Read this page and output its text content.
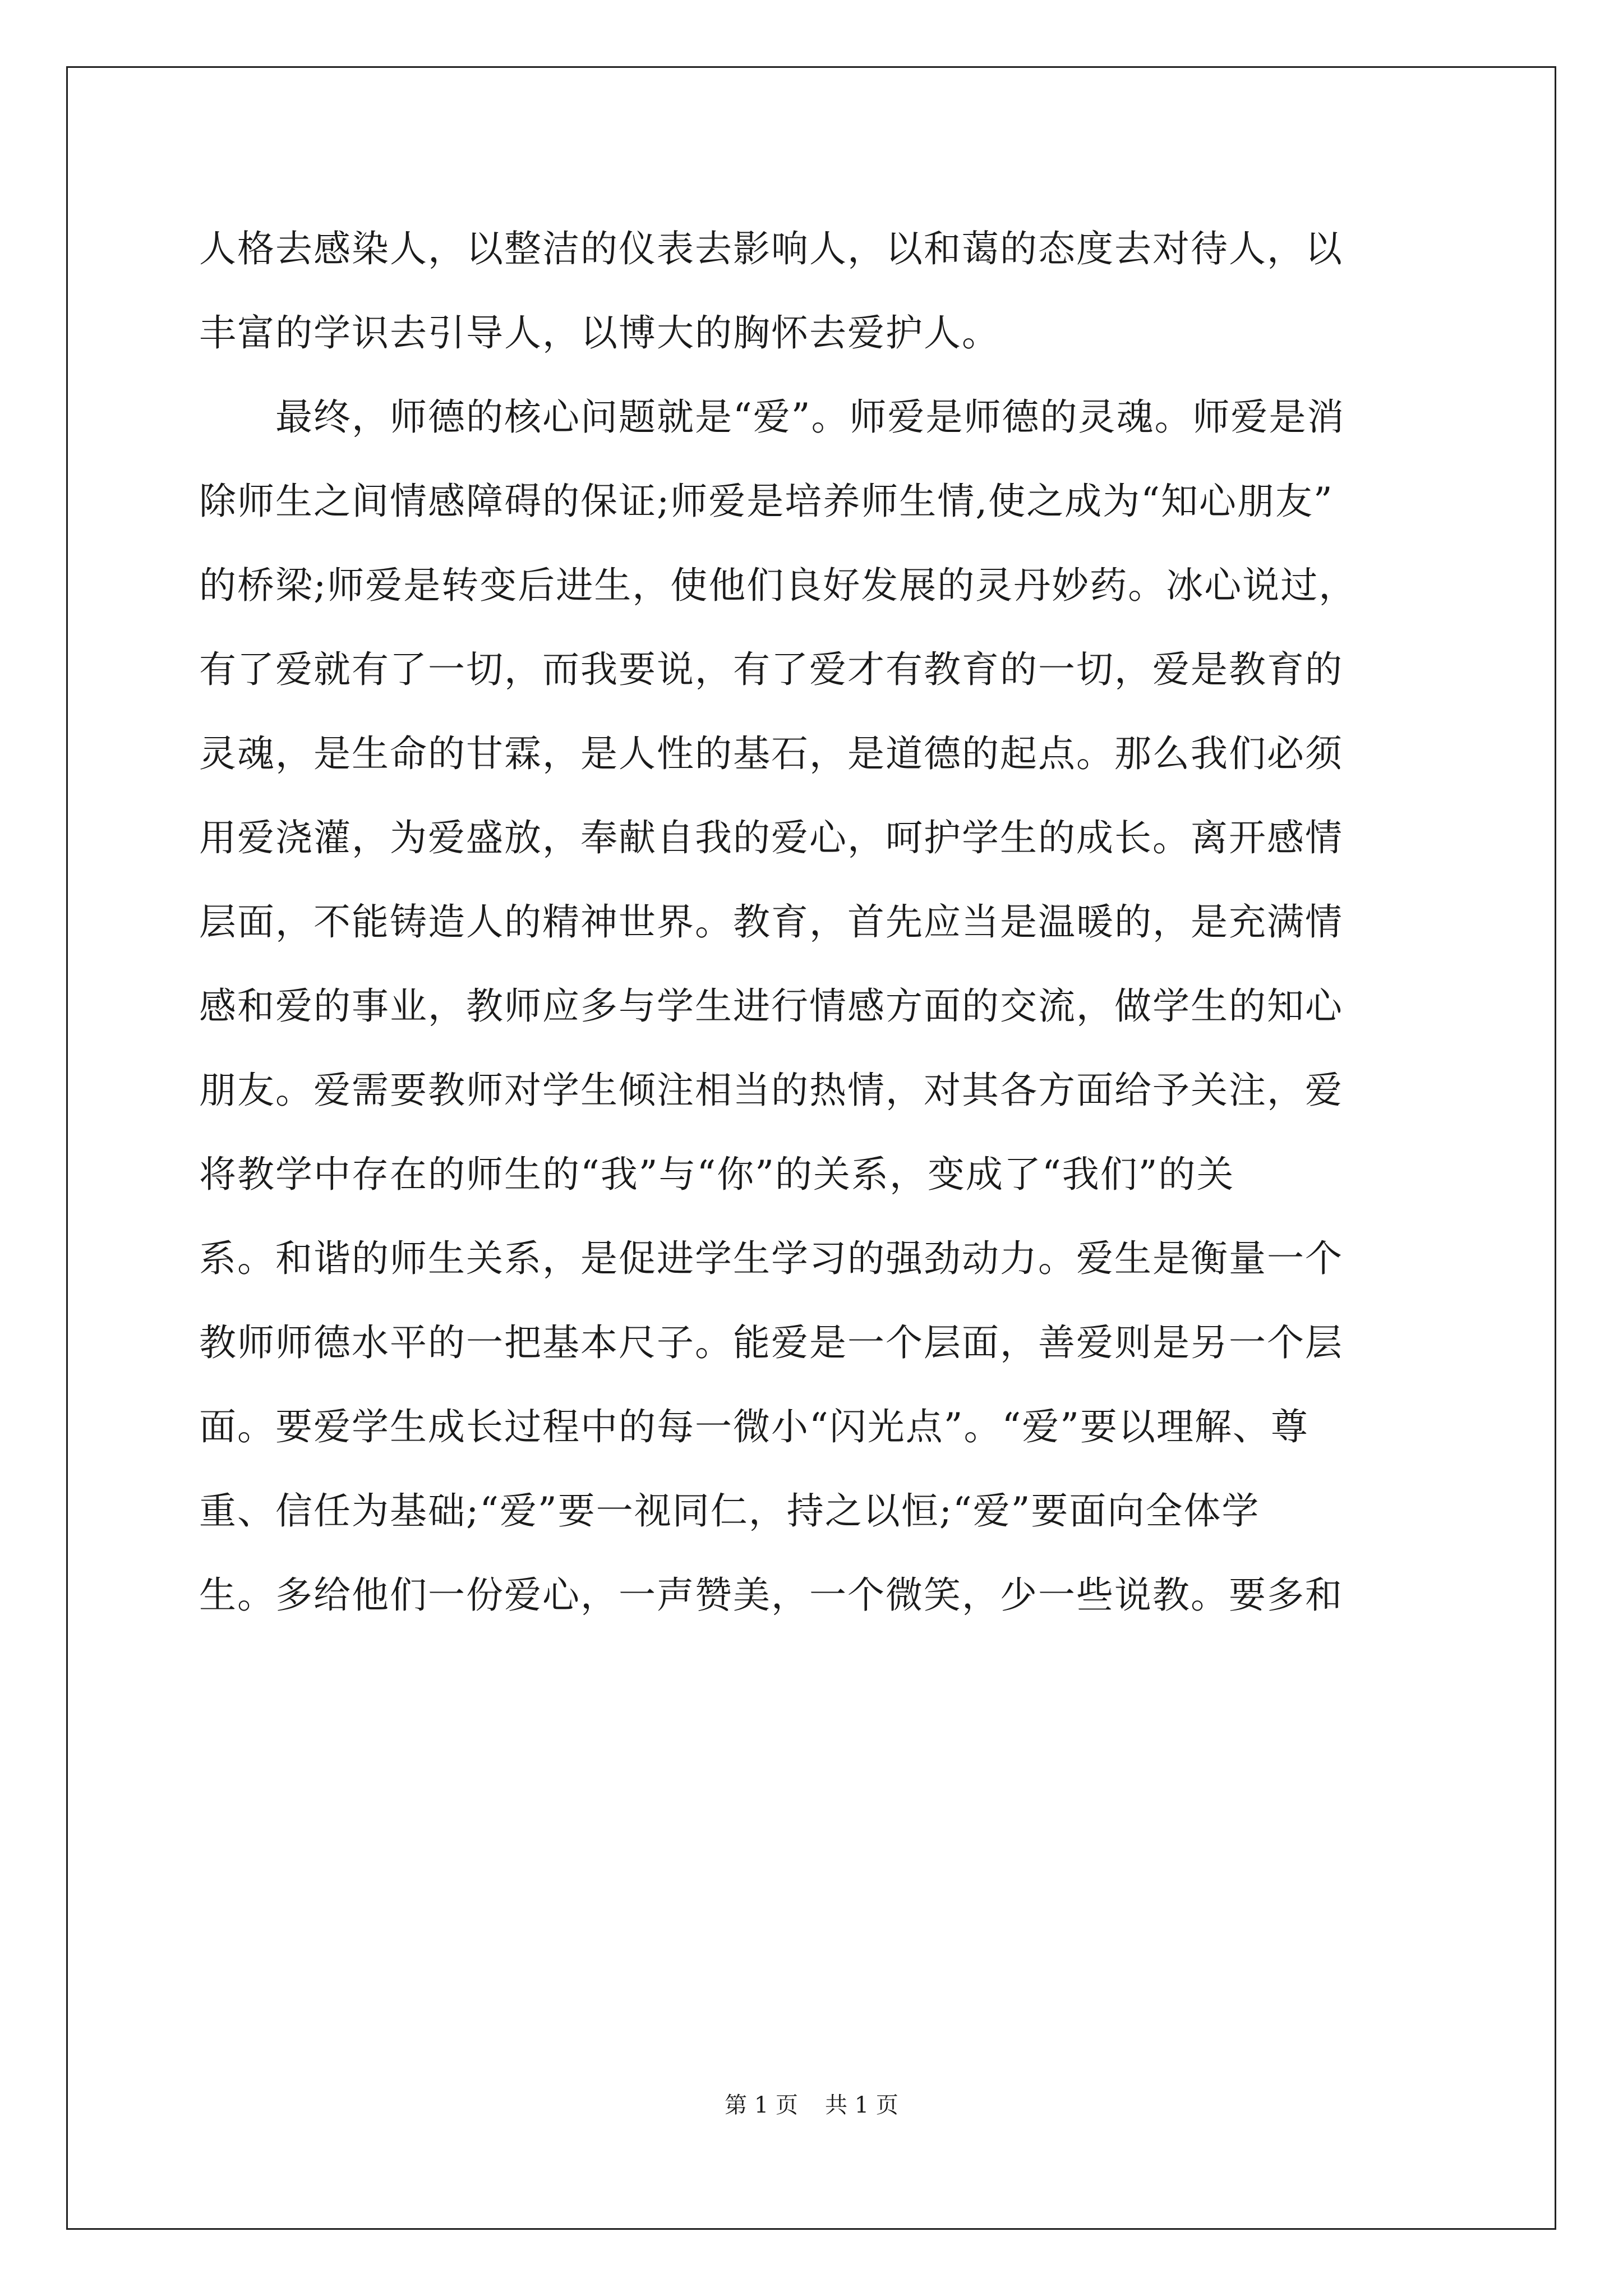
人格去感染人，以整洁的仪表去影响人，以和蔼的态度去对待人，以
丰富的学识去引导人，以博大的胸怀去爱护人。
　　最终，师德的核心问题就是“爱”。师爱是师德的灵魂。师爱是消
除师生之间情感障碍的保证;师爱是培养师生情,使之成为“知心朋友”
的桥梁;师爱是转变后进生，使他们良好发展的灵丹妙药。冰心说过，
有了爱就有了一切，而我要说，有了爱才有教育的一切，爱是教育的
灵魂，是生命的甘霖，是人性的基石，是道德的起点。那么我们必须
用爱浇灌，为爱盛放，奉献自我的爱心，呵护学生的成长。离开感情
层面，不能铸造人的精神世界。教育，首先应当是温暖的，是充满情
感和爱的事业，教师应多与学生进行情感方面的交流，做学生的知心
朋友。爱需要教师对学生倾注相当的热情，对其各方面给予关注，爱
将教学中存在的师生的“我”与“你”的关系，变成了“我们”的关
系。和谐的师生关系，是促进学生学习的强劲动力。爱生是衡量一个
教师师德水平的一把基本尺子。能爱是一个层面，善爱则是另一个层
面。要爱学生成长过程中的每一微小“闪光点”。“爱”要以理解、尊
重、信任为基础;“爱”要一视同仁，持之以恒;“爱”要面向全体学
生。多给他们一份爱心，一声赞美，一个微笑，少一些说教。要多和
第 1 页 共 1 页
